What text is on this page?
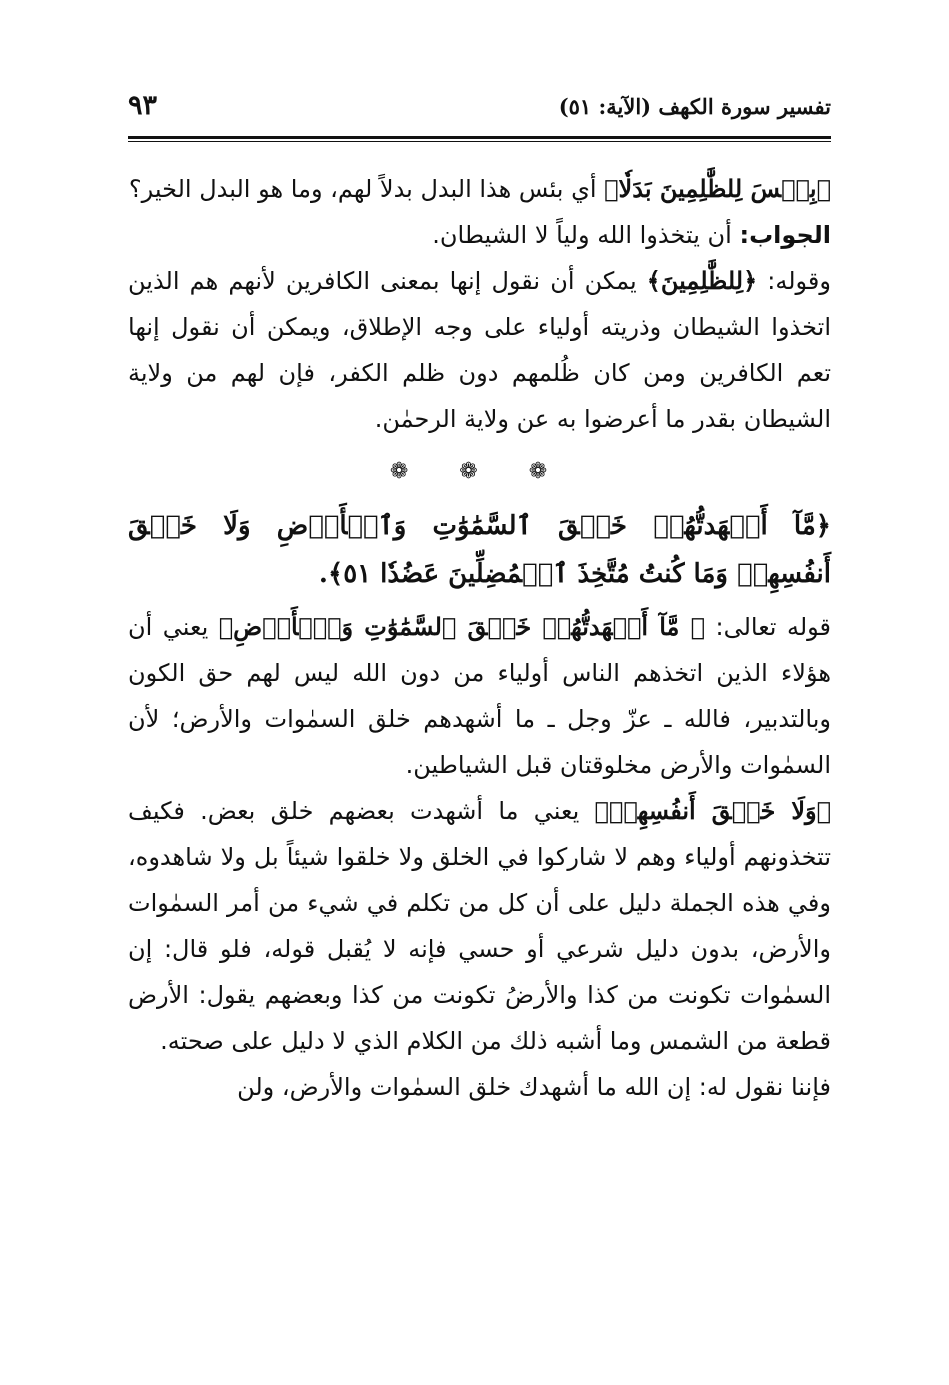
تفسير سورة الكهف (الآية: ٥١)
٩٣

﴿بِئۡسَ لِلظَّٰلِمِينَ بَدَلٗا﴾ أي بئس هذا البدل بدلاً لهم، وما هو البدل الخير؟

الجواب: أن يتخذوا الله ولياً لا الشيطان.

وقوله: ﴿لِلظَّٰلِمِينَ﴾ يمكن أن نقول إنها بمعنى الكافرين لأنهم هم الذين اتخذوا الشيطان وذريته أولياء على وجه الإطلاق، ويمكن أن نقول إنها تعم الكافرين ومن كان ظُلمهم دون ظلم الكفر، فإن لهم من ولاية الشيطان بقدر ما أعرضوا به عن ولاية الرحمٰن.

❁ ❁ ❁

﴿مَّآ أَشۡهَدتُّهُمۡ خَلۡقَ ٱلسَّمَٰوَٰتِ وَٱلۡأَرۡضِ وَلَا خَلۡقَ أَنفُسِهِمۡ وَمَا كُنتُ مُتَّخِذَ ٱلۡمُضِلِّينَ عَضُدٗا ٥١﴾.

قوله تعالى: ﴿ مَّآ أَشۡهَدتُّهُمۡ خَلۡقَ ٱلسَّمَٰوَٰتِ وَٱلۡأَرۡضِ﴾ يعني أن هؤلاء الذين اتخذهم الناس أولياء من دون الله ليس لهم حق الكون وبالتدبير، فالله ـ عزّ وجل ـ ما أشهدهم خلق السمٰوات والأرض؛ لأن السمٰوات والأرض مخلوقتان قبل الشياطين.

﴿وَلَا خَلۡقَ أَنفُسِهِمۡ﴾ يعني ما أشهدت بعضهم خلق بعض. فكيف تتخذونهم أولياء وهم لا شاركوا في الخلق ولا خلقوا شيئاً بل ولا شاهدوه، وفي هذه الجملة دليل على أن كل من تكلم في شيء من أمر السمٰوات والأرض، بدون دليل شرعي أو حسي فإنه لا يُقبل قوله، فلو قال: إن السمٰوات تكونت من كذا والأرضُ تكونت من كذا وبعضهم يقول: الأرض قطعة من الشمس وما أشبه ذلك من الكلام الذي لا دليل على صحته.

فإننا نقول له: إن الله ما أشهدك خلق السمٰوات والأرض، ولن
